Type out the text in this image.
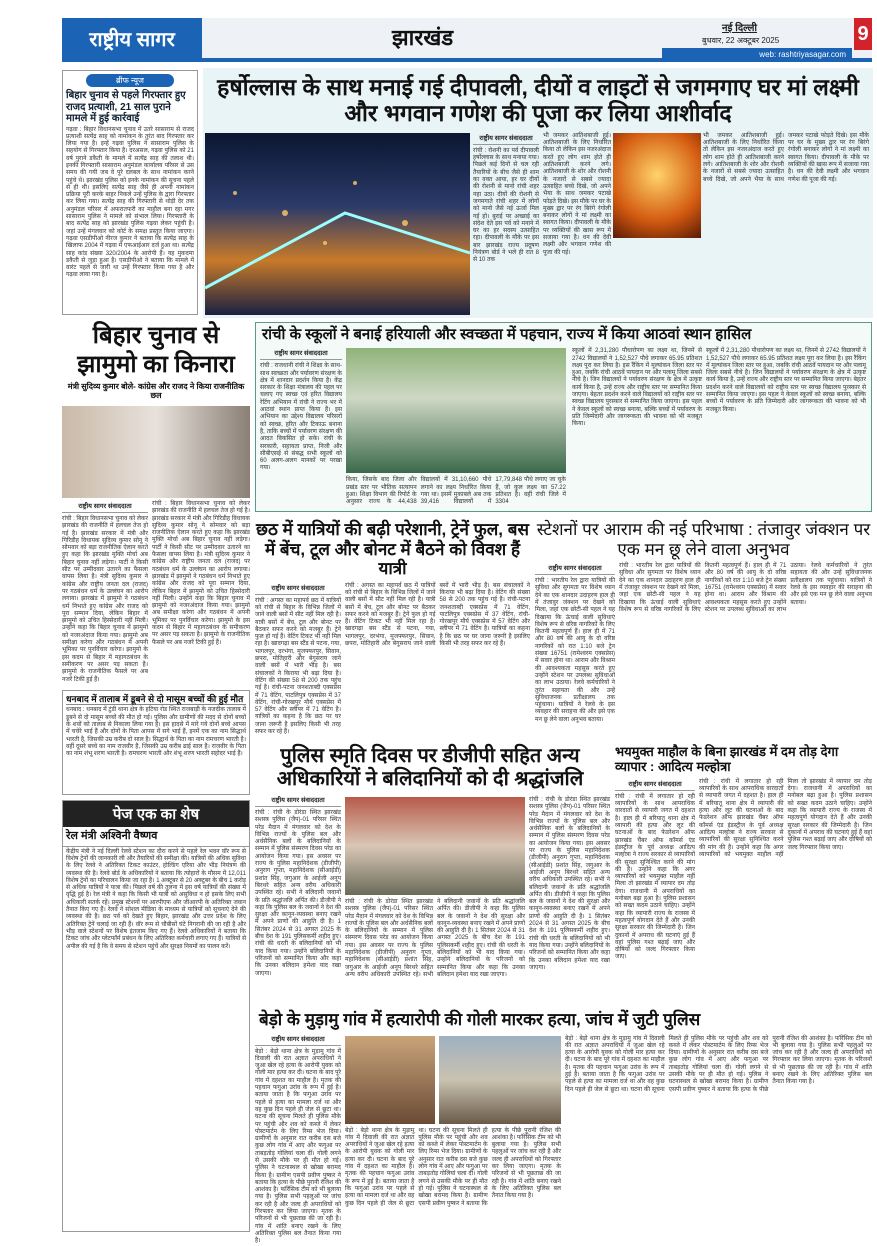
राष्ट्रीय सागर	झारखंड	नई दिल्ली
बुधवार, 22 अक्टूबर 2025
web: rashtriyasagar.com
9
ब्रीफ न्यूज
बिहार चुनाव से पहले गिरफ्तार हुए राजद प्रत्याशी, 21 साल पुराने मामले में हुई कार्रवाई
गढ़वा : बिहार विधानसभा चुनाव में उतरे सासाराम से राजद प्रत्याशी सत्येंद्र साह को नामांकन के तुरंत बाद गिरफ्तार कर लिया गया है। इन्हें गढ़वा पुलिस ने सासाराम पुलिस के सहयोग से गिरफ्तार किया है। दरअसल, गढ़वा पुलिस को 21 वर्ष पुराने डकैती के मामले में सत्येंद्र साह की तलाश थी। इनकी गिरफ्तारी सासाराम अनुमंडल कार्यालय परिसर से उस समय की गयी जब वे पूरे दलबल के साथ नामांकन करने पहुंचे थे। झारखंड पुलिस को इनके नामांकन की सूचना पहले से ही थी। इसलिए सत्येंद्र साह जैसे ही अपनी नामांकन प्रक्रिया पूरी करके बाहर निकले उन्हें पुलिस के द्वारा गिरफ्तार कर लिया गया। सत्येंद्र साह की गिरफ्तारी से थोड़ी देर तक अनुमंडल परिसर में अफरातफरी का माहौल बना रहा मगर सासाराम पुलिस ने मामले को संभाल लिया। गिरफ्तारी के बाद सत्येंद्र साह को झारखंड पुलिस गढ़वा लेकर पहुंची है। जहां उन्हें मंगलवार को कोर्ट के समक्ष प्रस्तुत किया जाएगा। गढ़वा एसडीपीओ नीरज कुमार ने बताया कि सत्येंद्र साह के खिलाफ 2004 में गढ़वा में एफआईआर दर्ज हुआ था। सत्येंद्र साह कांड संख्या 320/2004 के आरोपी हैं। यह मुकदमा डकैती से जुड़ा हुआ है। एसडीपीओ ने बताया कि मामले में वारंट पहले से जारी था उन्हें गिरफ्तार किया गया है और गढ़वा लाया गया है।
हर्षोल्लास के साथ मनाई गई दीपावली, दीयों व लाइटों से जगमगाए घर मां लक्ष्मी और भगवान गणेश की पूजा कर लिया आशीर्वाद
राष्ट्रीय सागर संवाददाता
रांची : रोशनी का पर्व दीपावली हर्षोल्लास के साथ मनाया गया। पिछले कई दिनों से चल रही तैयारियों के बीच जैसे ही शाम का वक्त आया, हर घर दीयों की रोशनी से मानो रांची शहर नहा उठा। दीयों की रोशनी से जगमगाते रांची शहर में लोगों को मानो जैसे नई ऊर्जा मिल गई हो। बुराई पर अच्छाई का संदेश देते इस पर्व को मनाने में घर का हर सदस्य उत्साहित रहा। दीपावली के मौके पर इस बार झारखंड राज्य प्रदूषण नियंत्रण बोर्ड ने भले ही रात 8 से 10 तक
भी जमकर आतिशबाजी हुई। आतिशबाजी के लिए निर्धारित किया तो लेकिन इस नजरअंदाज करते हुए लोग शाम होते ही आतिशबाजी करने लगे। आतिशबाजी के शोर और रोशनी के नजारों से सबसे ज्यादा उत्साहित बच्चे दिखे, जो अपने भैया के साथ जमकर पटाखे फोड़ते दिखे। इस मौके पर घर के मुख्य द्वार पर रंग बिरंगे रंगोली बनाकर लोगों ने मां लक्ष्मी का स्वागत किया। दीपावली के मौके पर व्यक्तियों की खास रूप में सजाया गया है। धन की देवी लक्ष्मी और भगवान गणेश की पूजा की गई।
भी जमकर आतिशबाजी हुई। आतिशबाजी के लिए निर्धारित किया तो लेकिन इस नजरअंदाज करते हुए लोग शाम होते ही आतिशबाजी करने लगे। आतिशबाजी के शोर और रोशनी के नजारों से सबसे ज्यादा उत्साहित बच्चे दिखे, जो अपने भैया के साथ जमकर पटाखे फोड़ते दिखे। इस मौके पर घर के मुख्य द्वार पर रंग बिरंगे रंगोली बनाकर लोगों ने मां लक्ष्मी का स्वागत किया। दीपावली के मौके पर व्यक्तियों की खास रूप में सजाया गया है। धन की देवी लक्ष्मी और भगवान गणेश की पूजा की गई।
बिहार चुनाव से झामुमो का किनारा
मंत्री सुदिव्य कुमार बोले- कांग्रेस और राजद ने किया राजनीतिक छल
राष्ट्रीय सागर संवाददाता
रांची : बिहार विधानसभा चुनाव को लेकर झारखंड की राजनीति में हलचल तेज हो गई है। झारखंड सरकार में मंत्री और गिरिडीह विधायक सुदिव्य कुमार सोनू ने सोमवार को बड़ा राजनीतिक ऐलान करते हुए कहा कि झारखंड मुक्ति मोर्चा अब बिहार चुनाव नहीं लड़ेगा। पार्टी ने किसी सीट पर उम्मीदवार उतारने का फैसला वापस लिया है। मंत्री सुदिव्य कुमार ने कांग्रेस और राष्ट्रीय जनता दल (राजद) पर गठबंधन धर्म के उल्लंघन का आरोप लगाया। झारखंड में झामुमो ने गठबंधन धर्म निभाते हुए कांग्रेस और राजद को पूरा सम्मान दिया, लेकिन बिहार में झामुमो को उचित हिस्सेदारी नहीं मिली। उन्होंने कहा कि बिहार चुनाव में झामुमो को नजरअंदाज किया गया। झामुमो अब समीक्षा करेगा और गठबंधन में अपनी भूमिका पर पुनर्विचार करेगा। झामुमो के इस कदम से बिहार में महागठबंधन के समीकरण पर असर पड़ सकता है। झामुमो के राजनीतिक फैसले पर अब नजरें टिकी हुई हैं।
रांची : बिहार विधानसभा चुनाव को लेकर झारखंड की राजनीति में हलचल तेज हो गई है। झारखंड सरकार में मंत्री और गिरिडीह विधायक सुदिव्य कुमार सोनू ने सोमवार को बड़ा राजनीतिक ऐलान करते हुए कहा कि झारखंड मुक्ति मोर्चा अब बिहार चुनाव नहीं लड़ेगा। पार्टी ने किसी सीट पर उम्मीदवार उतारने का फैसला वापस लिया है। मंत्री सुदिव्य कुमार ने कांग्रेस और राष्ट्रीय जनता दल (राजद) पर गठबंधन धर्म के उल्लंघन का आरोप लगाया। झारखंड में झामुमो ने गठबंधन धर्म निभाते हुए कांग्रेस और राजद को पूरा सम्मान दिया, लेकिन बिहार में झामुमो को उचित हिस्सेदारी नहीं मिली। उन्होंने कहा कि बिहार चुनाव में झामुमो को नजरअंदाज किया गया। झामुमो अब समीक्षा करेगा और गठबंधन में अपनी भूमिका पर पुनर्विचार करेगा। झामुमो के इस कदम से बिहार में महागठबंधन के समीकरण पर असर पड़ सकता है। झामुमो के राजनीतिक फैसले पर अब नजरें टिकी हुई हैं।
रांची के स्कूलों ने बनाई हरियाली और स्वच्छता में पहचान, राज्य में किया आठवां स्थान हासिल
राष्ट्रीय सागर संवाददाता
रांची : राजधानी रांची ने शिक्षा के साथ-साथ स्वच्छता और पर्यावरण संरक्षण के क्षेत्र में शानदार प्रदर्शन किया है। केंद्र सरकार के शिक्षा मंत्रालय की पहल पर चलाए गए स्वच्छ एवं हरित विद्यालय रेटिंग अभियान में रांची ने राज्य भर में आठवां स्थान प्राप्त किया है। इस अभियान का उद्देश्य विद्यालय परिसरों को स्वच्छ, हरित और टिकाऊ बनाना है, ताकि बच्चों में पर्यावरण संरक्षण की आदत विकसित हो सके। रांची के सरकारी, सहायता प्राप्त, निजी और सीबीएसई से संबद्ध सभी स्कूलों को 60 अलग-अलग मानकों पर परखा गया।
किया, जिसके बाद जिला और प्रखंड स्तर पर भौतिक सत्यापन हुआ। शिक्षा विभाग की रिपोर्ट के अनुसार राज्य के 44,438 विद्यालयों में 31,10,660 पौधे लगाने का लक्ष्य निर्धारित किया गया था। इसमें मुकाबले अब तक 39,416 विद्यालयों में 17,79,848 पौधे लगाए जा चुके हैं, जो कुल लक्ष्य का 57.22 प्रतिशत है। वहीं रांची जिले में 3304
स्कूलों में 2,31,280 पौधारोपण का लक्ष्य था, जिनमें से 2742 विद्यालयों ने 1,52,527 पौधे लगाकर 65.95 प्रतिशत लक्ष्य पूरा कर लिया है। इस रैंकिंग में मूल्यांकन जिला स्तर पर हुआ, जबकि रांची आठवें पायदान पर और पलामू जिला सबसे नीचे है। जिन विद्यालयों ने पर्यावरण संरक्षण के क्षेत्र में उत्कृष्ट कार्य किया है, उन्हें राज्य और राष्ट्रीय स्तर पर सम्मानित किया जाएगा। बेहतर प्रदर्शन करने वाले विद्यालयों को राष्ट्रीय स्तर पर स्वच्छ विद्यालय पुरस्कार से सम्मानित किया जाएगा। इस पहल ने केवल स्कूलों को स्वच्छ बनाया, बल्कि बच्चों में पर्यावरण के प्रति जिम्मेदारी और जागरूकता की भावना को भी मजबूत किया।
स्कूलों में 2,31,280 पौधारोपण का लक्ष्य था, जिनमें से 2742 विद्यालयों ने 1,52,527 पौधे लगाकर 65.95 प्रतिशत लक्ष्य पूरा कर लिया है। इस रैंकिंग में मूल्यांकन जिला स्तर पर हुआ, जबकि रांची आठवें पायदान पर और पलामू जिला सबसे नीचे है। जिन विद्यालयों ने पर्यावरण संरक्षण के क्षेत्र में उत्कृष्ट कार्य किया है, उन्हें राज्य और राष्ट्रीय स्तर पर सम्मानित किया जाएगा। बेहतर प्रदर्शन करने वाले विद्यालयों को राष्ट्रीय स्तर पर स्वच्छ विद्यालय पुरस्कार से सम्मानित किया जाएगा। इस पहल ने केवल स्कूलों को स्वच्छ बनाया, बल्कि बच्चों में पर्यावरण के प्रति जिम्मेदारी और जागरूकता की भावना को भी मजबूत किया।
धनबाद में तालाब में डूबने से दो मासूम बच्चों की हुई मौत
धनबाद : धनबाद में टुंडी थाना क्षेत्र के हटिया रोड स्थित राजबाड़ी के नजदीक तालाब में डूबने से दो मासूम बच्चों की मौत हो गई। पुलिस और ग्रामीणों की मदद से दोनों बच्चों के शवों को तालाब से निकाला लिया गया है। इस हादसे में मारे गये दोनों बच्चे आपस में चचेरे भाई हैं और दोनों के पिता आपस में सगे भाई हैं, इनमें एक का नाम सिद्धार्थ भारती है, जिसकी उम्र करीब दो साल है। सिद्धार्थ के पिता का नाम रामचरण भारती है। वहीं दूसरे बच्चे का नाम राजवीर है, जिसकी उम्र करीब ढाई साल है। राजवीर के पिता का नाम शंभू शरण भारती है। रामचरण भारती और शंभू शरण भारती सहोदर भाई हैं।
पेज एक का शेष
रेल मंत्री अश्विनी वैष्णव
केंद्रीय मंत्री ने नई दिल्ली रेलवे स्टेशन का दौरा करने से पहले रेल भवन वॉर रूम से विशेष ट्रेनों की जानकारी ली और तैयारियों की समीक्षा की। यात्रियों की अधिक सुविधा के लिए रेलवे ने अतिरिक्त टिकट काउंटर, होल्डिंग एरिया और भीड़ नियंत्रण की व्यवस्था की है। रेलवे बोर्ड के अधिकारियों ने बताया कि त्योहारों के मौसम में 12,011 विशेष ट्रेनों का परिचालन किया जा रहा है। 1 अक्टूबर से 20 अक्टूबर के बीच 1 करोड़ से अधिक यात्रियों ने यात्रा की। पिछले वर्ष की तुलना में इस वर्ष यात्रियों की संख्या में वृद्धि हुई है। रेल मंत्री ने कहा कि किसी भी यात्री को असुविधा न हो इसके लिए सभी अधिकारी सतर्क रहें। प्रमुख स्टेशनों पर आरपीएफ और जीआरपी के अतिरिक्त जवान तैनात किए गए हैं। रेलवे ने सोशल मीडिया के माध्यम से यात्रियों को सूचनाएं देने की व्यवस्था की है। छठ पर्व को देखते हुए बिहार, झारखंड और उत्तर प्रदेश के लिए अतिरिक्त ट्रेनें चलाई जा रही हैं। वॉर रूम से चौबीसों घंटे निगरानी की जा रही है और भीड़ वाले स्टेशनों पर विशेष इंतजाम किए गए हैं। रेलवे अधिकारियों ने बताया कि टिकट जांच और प्लेटफॉर्म प्रबंधन के लिए अतिरिक्त कर्मचारी लगाए गए हैं। यात्रियों से अपील की गई है कि वे समय से स्टेशन पहुंचें और सुरक्षा नियमों का पालन करें।
छठ में यात्रियों की बढ़ी परेशानी, ट्रेनें फुल, बस में बेंच, टूल और बोनट में बैठने को विवश हैं यात्री
राष्ट्रीय सागर संवाददाता
रांची : अगस्त का महापर्व छठ में यात्रियों को रांची से बिहार के विभिन्न जिलों में जाने वाली बसों में सीट नहीं मिल रही है। यात्री बसों में बेंच, टूल और बोनट पर बैठकर सफर करने को मजबूर हैं। ट्रेनें फुल हो गई हैं। वेटिंग टिकट भी नहीं मिल रहा है। खादगढ़ा बस स्टैंड से पटना, गया, भागलपुर, दरभंगा, मुजफ्फरपुर, सिवान, छपरा, मोतिहारी और बेगूसराय जाने वाली बसों में भारी भीड़ है। बस संचालकों ने किराया भी बढ़ा दिया है। वेटिंग की संख्या 58 से 200 तक पहुंच गई है। रांची-पटना जनशताब्दी एक्सप्रेस में 71 वेटिंग, पाटलिपुत्र एक्सप्रेस में 37 वेटिंग, रांची-गोरखपुर मौर्य एक्सप्रेस में 57 वेटिंग और स्लीपर में 71 वेटिंग है। यात्रियों का कहना है कि छठ पर घर जाना जरूरी है इसलिए किसी भी तरह सफर कर रहे हैं।
रांची : अगस्त का महापर्व छठ में यात्रियों को रांची से बिहार के विभिन्न जिलों में जाने वाली बसों में सीट नहीं मिल रही है। यात्री बसों में बेंच, टूल और बोनट पर बैठकर सफर करने को मजबूर हैं। ट्रेनें फुल हो गई हैं। वेटिंग टिकट भी नहीं मिल रहा है। खादगढ़ा बस स्टैंड से पटना, गया, भागलपुर, दरभंगा, मुजफ्फरपुर, सिवान, छपरा, मोतिहारी और बेगूसराय जाने वाली बसों में भारी भीड़ है। बस संचालकों ने किराया भी बढ़ा दिया है। वेटिंग की संख्या 58 से 200 तक पहुंच गई है। रांची-पटना जनशताब्दी एक्सप्रेस में 71 वेटिंग, पाटलिपुत्र एक्सप्रेस में 37 वेटिंग, रांची-गोरखपुर मौर्य एक्सप्रेस में 57 वेटिंग और स्लीपर में 71 वेटिंग है। यात्रियों का कहना है कि छठ पर घर जाना जरूरी है इसलिए किसी भी तरह सफर कर रहे हैं।
स्टेशनों पर आराम की नई परिभाषा : तंजावुर जंक्शन पर एक मन छू लेने वाला अनुभव
राष्ट्रीय सागर संवाददाता
रांची : भारतीय रेल द्वारा यात्रियों की सुविधा और सुगमता पर विशेष ध्यान देने का एक शानदार उदाहरण हाल ही में तंजावुर जंक्शन पर देखने को मिला, जहां एक छोटी-सी पहल ने यह दिखाया कि ऊंचाई वाली सुविधाएं विशेष रूप से वरिष्ठ नागरिकों के लिए कितनी महत्वपूर्ण हैं। हाल ही में 71 और 80 वर्ष की आयु के दो वरिष्ठ नागरिकों को रात 1:10 बजे ट्रेन संख्या 16751 (रामेश्वरम एक्सप्रेस) में सवार होना था। आराम और विश्राम की आवश्यकता महसूस करते हुए उन्होंने स्टेशन पर उपलब्ध सुविधाओं का लाभ उठाया। रेलवे कर्मचारियों ने तुरंत सहायता की और उन्हें सुविधाजनक प्रतीक्षालय तक पहुंचाया। यात्रियों ने रेलवे के इस व्यवहार की सराहना की और इसे एक मन छू लेने वाला अनुभव बताया।
रांची : भारतीय रेल द्वारा यात्रियों की सुविधा और सुगमता पर विशेष ध्यान देने का एक शानदार उदाहरण हाल ही में तंजावुर जंक्शन पर देखने को मिला, जहां एक छोटी-सी पहल ने यह दिखाया कि ऊंचाई वाली सुविधाएं विशेष रूप से वरिष्ठ नागरिकों के लिए कितनी महत्वपूर्ण हैं। हाल ही में 71 और 80 वर्ष की आयु के दो वरिष्ठ नागरिकों को रात 1:10 बजे ट्रेन संख्या 16751 (रामेश्वरम एक्सप्रेस) में सवार होना था। आराम और विश्राम की आवश्यकता महसूस करते हुए उन्होंने स्टेशन पर उपलब्ध सुविधाओं का लाभ उठाया। रेलवे कर्मचारियों ने तुरंत सहायता की और उन्हें सुविधाजनक प्रतीक्षालय तक पहुंचाया। यात्रियों ने रेलवे के इस व्यवहार की सराहना की और इसे एक मन छू लेने वाला अनुभव बताया।
पुलिस स्मृति दिवस पर डीजीपी सहित अन्य अधिकारियों ने बलिदानियों को दी श्रद्धांजलि
राष्ट्रीय सागर संवाददाता
रांची : रांची के डोरंडा स्थित झारखंड सशस्त्र पुलिस (जैप)-01 परिसर स्थित परेड मैदान में मंगलवार को देश के विभिन्न राज्यों के पुलिस बल और अर्धसैनिक बलों के बलिदानियों के सम्मान में पुलिस संस्मरण दिवस परेड का आयोजन किया गया। इस अवसर पर राज्य के पुलिस महानिदेशक (डीजीपी) अनुराग गुप्ता, महानिदेशक (सीआईडी) प्रशांत सिंह, जगुआर के आईजी अनूप बिरथरे सहित अन्य वरीय अधिकारी उपस्थित रहे। सभी ने बलिदानी जवानों के प्रति श्रद्धांजलि अर्पित की। डीजीपी ने कहा कि पुलिस बल के जवानों ने देश की सुरक्षा और कानून-व्यवस्था बनाए रखने में अपने प्राणों की आहुति दी है। 1 सितंबर 2024 से 31 अगस्त 2025 के बीच देश के 191 पुलिसकर्मी शहीद हुए। रांची की धरती के बलिदानियों को भी याद किया गया। उन्होंने बलिदानियों के परिजनों को सम्मानित किया और कहा कि उनका बलिदान हमेशा याद रखा जाएगा।
रांची : रांची के डोरंडा स्थित झारखंड सशस्त्र पुलिस (जैप)-01 परिसर स्थित परेड मैदान में मंगलवार को देश के विभिन्न राज्यों के पुलिस बल और अर्धसैनिक बलों के बलिदानियों के सम्मान में पुलिस संस्मरण दिवस परेड का आयोजन किया गया। इस अवसर पर राज्य के पुलिस महानिदेशक (डीजीपी) अनुराग गुप्ता, महानिदेशक (सीआईडी) प्रशांत सिंह, जगुआर के आईजी अनूप बिरथरे सहित अन्य वरीय अधिकारी उपस्थित रहे। सभी ने बलिदानी जवानों के प्रति श्रद्धांजलि अर्पित की। डीजीपी ने कहा कि पुलिस बल के जवानों ने देश की सुरक्षा और कानून-व्यवस्था बनाए रखने में अपने प्राणों की आहुति दी है। 1 सितंबर 2024 से 31 अगस्त 2025 के बीच देश के 191 पुलिसकर्मी शहीद हुए। रांची की धरती के बलिदानियों को भी याद किया गया। उन्होंने बलिदानियों के परिजनों को सम्मानित किया और कहा कि उनका बलिदान हमेशा याद रखा जाएगा।
रांची : रांची के डोरंडा स्थित झारखंड सशस्त्र पुलिस (जैप)-01 परिसर स्थित परेड मैदान में मंगलवार को देश के विभिन्न राज्यों के पुलिस बल और अर्धसैनिक बलों के बलिदानियों के सम्मान में पुलिस संस्मरण दिवस परेड का आयोजन किया गया। इस अवसर पर राज्य के पुलिस महानिदेशक (डीजीपी) अनुराग गुप्ता, महानिदेशक (सीआईडी) प्रशांत सिंह, जगुआर के आईजी अनूप बिरथरे सहित अन्य वरीय अधिकारी उपस्थित रहे। सभी ने बलिदानी जवानों के प्रति श्रद्धांजलि अर्पित की। डीजीपी ने कहा कि पुलिस बल के जवानों ने देश की सुरक्षा और कानून-व्यवस्था बनाए रखने में अपने प्राणों की आहुति दी है। 1 सितंबर 2024 से 31 अगस्त 2025 के बीच देश के 191 पुलिसकर्मी शहीद हुए। रांची की धरती के बलिदानियों को भी याद किया गया। उन्होंने बलिदानियों के परिजनों को सम्मानित किया और कहा कि उनका बलिदान हमेशा याद रखा जाएगा।
भयमुक्त माहौल के बिना झारखंड में दम तोड़ देगा व्यापार : आदित्य मल्होत्रा
राष्ट्रीय सागर संवाददाता
रांची : रांची में लगातार हो रही व्यापारियों के साथ आपराधिक वारदातों से व्यापारी जगत में दहशत है। हाल ही में बरियातू थाना क्षेत्र में व्यापारी की हत्या और लूट की घटनाओं के बाद फेडरेशन ऑफ झारखंड चैंबर ऑफ कॉमर्स एंड इंडस्ट्रीज के पूर्व अध्यक्ष आदित्य मल्होत्रा ने राज्य सरकार से व्यापारियों की सुरक्षा सुनिश्चित करने की मांग की है। उन्होंने कहा कि अगर व्यापारियों को भयमुक्त माहौल नहीं मिला तो झारखंड में व्यापार दम तोड़ देगा। राजधानी में अपराधियों का मनोबल बढ़ा हुआ है। पुलिस प्रशासन को सख्त कदम उठाने चाहिए। उन्होंने कहा कि व्यापारी राज्य के राजस्व में महत्वपूर्ण योगदान देते हैं और उनकी सुरक्षा सरकार की जिम्मेदारी है। जिन दुकानों में अपराध की घटनाएं हुई हैं वहां पुलिस गश्त बढ़ाई जाए और दोषियों को जल्द गिरफ्तार किया जाए।
रांची : रांची में लगातार हो रही व्यापारियों के साथ आपराधिक वारदातों से व्यापारी जगत में दहशत है। हाल ही में बरियातू थाना क्षेत्र में व्यापारी की हत्या और लूट की घटनाओं के बाद फेडरेशन ऑफ झारखंड चैंबर ऑफ कॉमर्स एंड इंडस्ट्रीज के पूर्व अध्यक्ष आदित्य मल्होत्रा ने राज्य सरकार से व्यापारियों की सुरक्षा सुनिश्चित करने की मांग की है। उन्होंने कहा कि अगर व्यापारियों को भयमुक्त माहौल नहीं मिला तो झारखंड में व्यापार दम तोड़ देगा। राजधानी में अपराधियों का मनोबल बढ़ा हुआ है। पुलिस प्रशासन को सख्त कदम उठाने चाहिए। उन्होंने कहा कि व्यापारी राज्य के राजस्व में महत्वपूर्ण योगदान देते हैं और उनकी सुरक्षा सरकार की जिम्मेदारी है। जिन दुकानों में अपराध की घटनाएं हुई हैं वहां पुलिस गश्त बढ़ाई जाए और दोषियों को जल्द गिरफ्तार किया जाए।
बेड़ो के मुड़ामु गांव में हत्यारोपी की गोली मारकर हत्या, जांच में जुटी पुलिस
राष्ट्रीय सागर संवाददाता
बेड़ो : बेड़ो थाना क्षेत्र के मुड़ामु गांव में दिवाली की रात अज्ञात अपराधियों ने जुआ खेल रहे हत्या के आरोपी युवक को गोली मार हत्या कर दी। घटना के बाद पूरे गांव में दहशत का माहौल है। मृतक की पहचान फगुआ उरांव के रूप में हुई है। बताया जाता है कि फगुआ उरांव पर पहले से हत्या का मामला दर्ज था और वह कुछ दिन पहले ही जेल से छूटा था। घटना की सूचना मिलते ही पुलिस मौके पर पहुंची और शव को कब्जे में लेकर पोस्टमार्टम के लिए रिम्स भेज दिया। ग्रामीणों के अनुसार रात करीब दस बजे कुछ लोग गांव में आए और फगुआ पर ताबड़तोड़ गोलियां चला दीं। गोली लगने से उसकी मौके पर ही मौत हो गई। पुलिस ने घटनास्थल से खोखा बरामद किया है। ग्रामीण एसपी प्रवीण पुष्कर ने बताया कि हत्या के पीछे पुरानी रंजिश की आशंका है। फॉरेंसिक टीम को भी बुलाया गया है। पुलिस सभी पहलुओं पर जांच कर रही है और जल्द ही अपराधियों को गिरफ्तार कर लिया जाएगा। मृतक के परिजनों से भी पूछताछ की जा रही है। गांव में शांति बनाए रखने के लिए अतिरिक्त पुलिस बल तैनात किया गया है।
बेड़ो : बेड़ो थाना क्षेत्र के मुड़ामु गांव में दिवाली की रात अज्ञात अपराधियों ने जुआ खेल रहे हत्या के आरोपी युवक को गोली मार हत्या कर दी। घटना के बाद पूरे गांव में दहशत का माहौल है। मृतक की पहचान फगुआ उरांव के रूप में हुई है। बताया जाता है कि फगुआ उरांव पर पहले से हत्या का मामला दर्ज था और वह कुछ दिन पहले ही जेल से छूटा था। घटना की सूचना मिलते ही पुलिस मौके पर पहुंची और शव को कब्जे में लेकर पोस्टमार्टम के लिए रिम्स भेज दिया। ग्रामीणों के अनुसार रात करीब दस बजे कुछ लोग गांव में आए और फगुआ पर ताबड़तोड़ गोलियां चला दीं। गोली लगने से उसकी मौके पर ही मौत हो गई। पुलिस ने घटनास्थल से खोखा बरामद किया है। ग्रामीण एसपी प्रवीण पुष्कर ने बताया कि हत्या के पीछे पुरानी रंजिश की आशंका है। फॉरेंसिक टीम को भी बुलाया गया है। पुलिस सभी पहलुओं पर जांच कर रही है और जल्द ही अपराधियों को गिरफ्तार कर लिया जाएगा। मृतक के परिजनों से भी पूछताछ की जा रही है। गांव में शांति बनाए रखने के लिए अतिरिक्त पुलिस बल तैनात किया गया है।
बेड़ो : बेड़ो थाना क्षेत्र के मुड़ामु गांव में दिवाली की रात अज्ञात अपराधियों ने जुआ खेल रहे हत्या के आरोपी युवक को गोली मार हत्या कर दी। घटना के बाद पूरे गांव में दहशत का माहौल है। मृतक की पहचान फगुआ उरांव के रूप में हुई है। बताया जाता है कि फगुआ उरांव पर पहले से हत्या का मामला दर्ज था और वह कुछ दिन पहले ही जेल से छूटा था। घटना की सूचना मिलते ही पुलिस मौके पर पहुंची और शव को कब्जे में लेकर पोस्टमार्टम के लिए रिम्स भेज दिया। ग्रामीणों के अनुसार रात करीब दस बजे कुछ लोग गांव में आए और फगुआ पर ताबड़तोड़ गोलियां चला दीं। गोली लगने से उसकी मौके पर ही मौत हो गई। पुलिस ने घटनास्थल से खोखा बरामद किया है। ग्रामीण एसपी प्रवीण पुष्कर ने बताया कि हत्या के पीछे पुरानी रंजिश की आशंका है। फॉरेंसिक टीम को भी बुलाया गया है। पुलिस सभी पहलुओं पर जांच कर रही है और जल्द ही अपराधियों को गिरफ्तार कर लिया जाएगा। मृतक के परिजनों से भी पूछताछ की जा रही है। गांव में शांति बनाए रखने के लिए अतिरिक्त पुलिस बल तैनात किया गया है।
